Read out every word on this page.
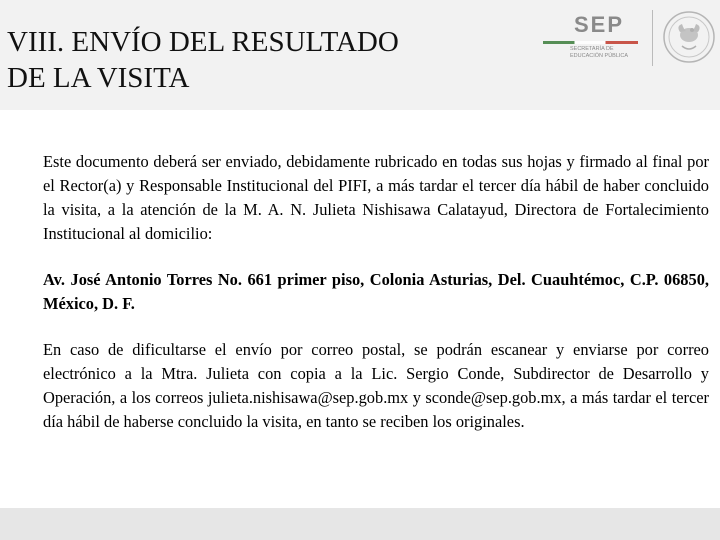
VIII. ENVÍO DEL RESULTADO
DE LA VISITA
SEP
SECRETARÍA DE
EDUCACIÓN PÚBLICA

Este documento deberá ser enviado, debidamente rubricado en todas sus hojas y firmado al final por el Rector(a) y Responsable Institucional del PIFI, a más tardar el tercer día hábil de haber concluido la visita, a la atención de la M. A. N. Julieta Nishisawa Calatayud, Directora de Fortalecimiento Institucional al domicilio:

Av. José Antonio Torres No. 661 primer piso, Colonia Asturias, Del. Cuauhtémoc, C.P. 06850, México, D. F.

En caso de dificultarse el envío por correo postal, se podrán escanear y enviarse por correo electrónico a la Mtra. Julieta con copia a la Lic. Sergio Conde, Subdirector de Desarrollo y Operación, a los correos julieta.nishisawa@sep.gob.mx y sconde@sep.gob.mx, a más tardar el tercer día hábil de haberse concluido la visita, en tanto se reciben los originales.
